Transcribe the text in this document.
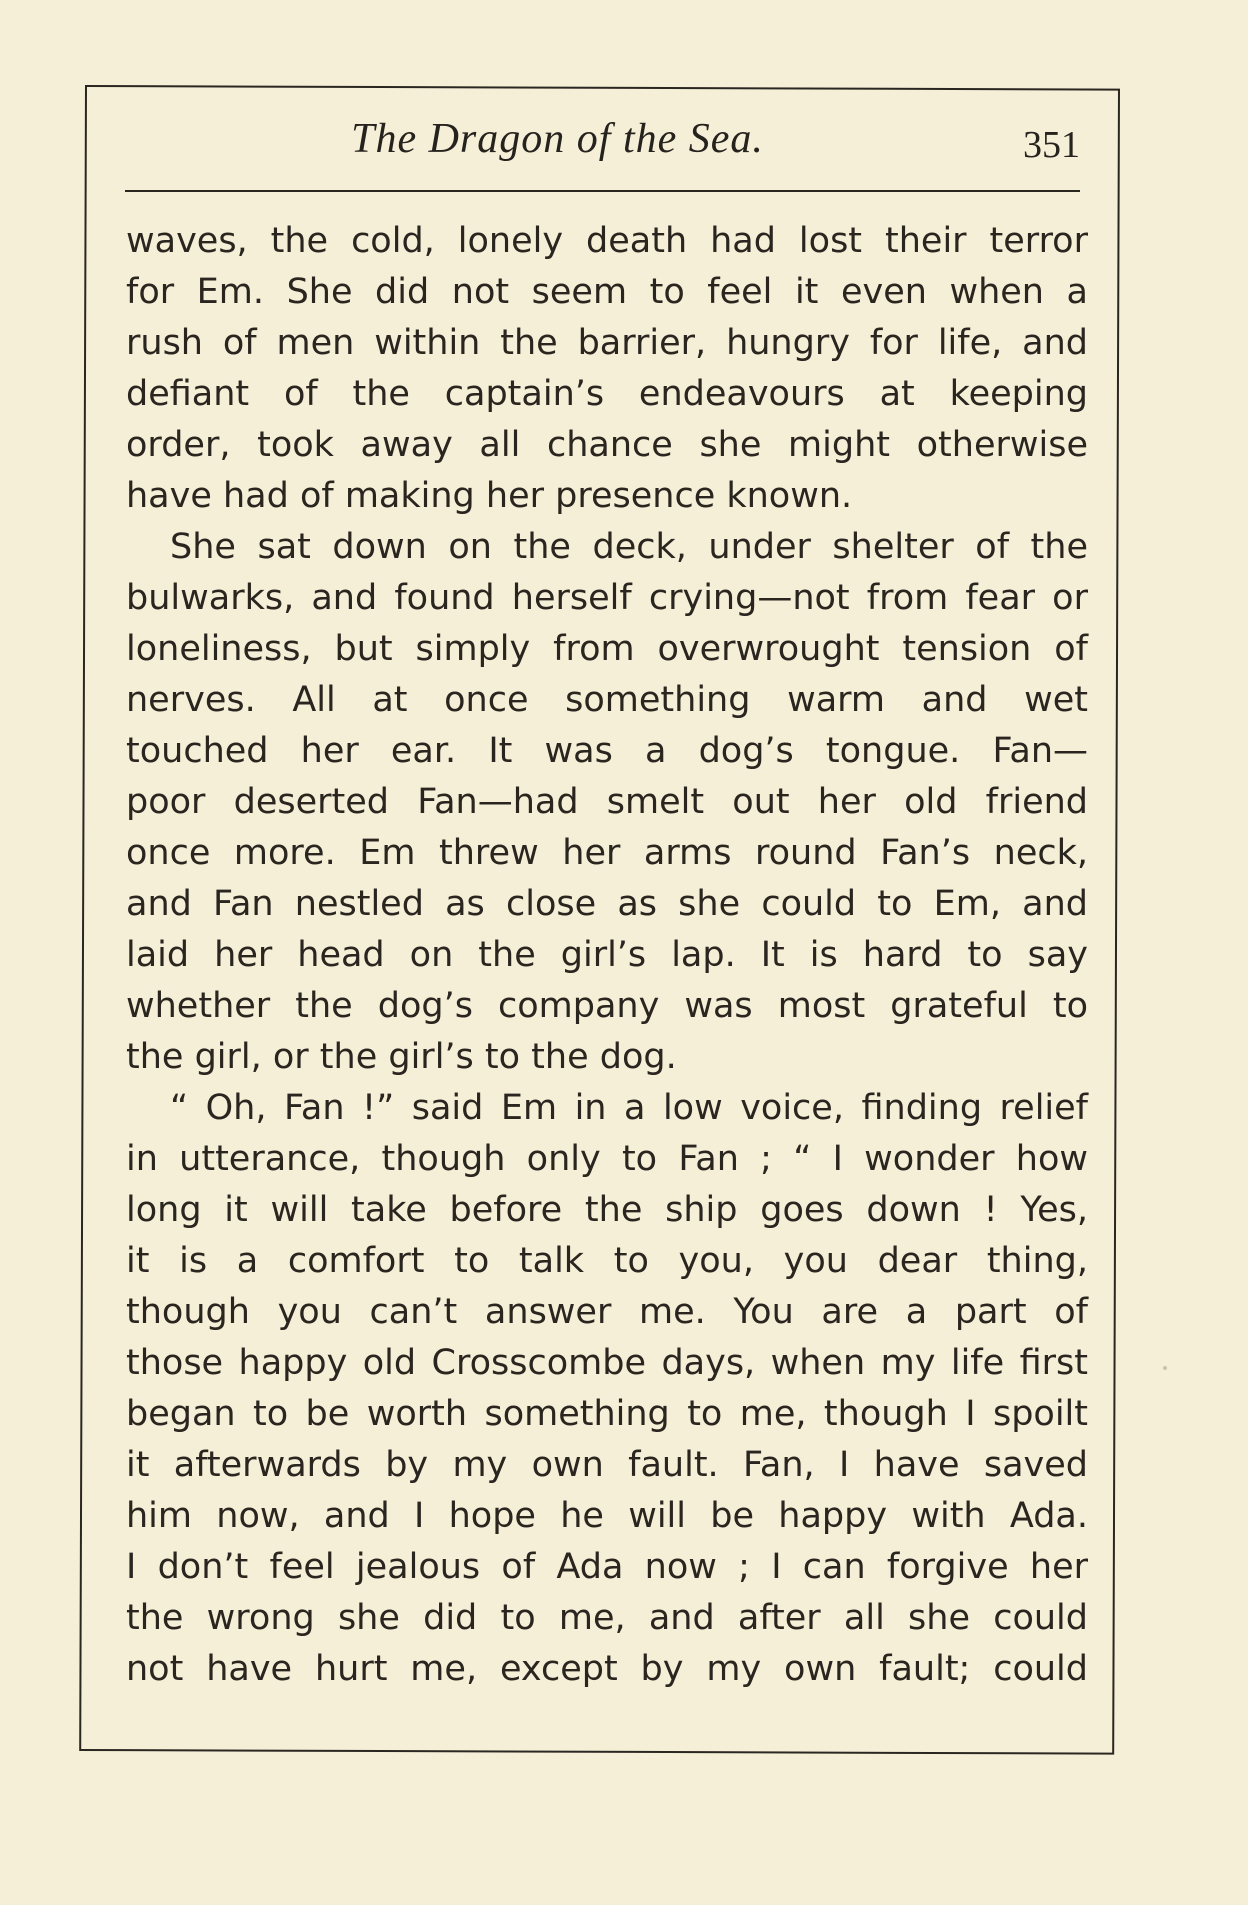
The Dragon of the Sea.	351
waves, the cold, lonely death had lost their terror
for Em. She did not seem to feel it even when a
rush of men within the barrier, hungry for life, and
defiant of the captain’s endeavours at keeping
order, took away all chance she might otherwise
have had of making her presence known.
She sat down on the deck, under shelter of the
bulwarks, and found herself crying—not from fear or
loneliness, but simply from overwrought tension of
nerves. All at once something warm and wet
touched her ear. It was a dog’s tongue. Fan—
poor deserted Fan—had smelt out her old friend
once more. Em threw her arms round Fan’s neck,
and Fan nestled as close as she could to Em, and
laid her head on the girl’s lap. It is hard to say
whether the dog’s company was most grateful to
the girl, or the girl’s to the dog.
“ Oh, Fan !” said Em in a low voice, finding relief
in utterance, though only to Fan ; “ I wonder how
long it will take before the ship goes down ! Yes,
it is a comfort to talk to you, you dear thing,
though you can’t answer me. You are a part of
those happy old Crosscombe days, when my life first
began to be worth something to me, though I spoilt
it afterwards by my own fault. Fan, I have saved
him now, and I hope he will be happy with Ada.
I don’t feel jealous of Ada now ; I can forgive her
the wrong she did to me, and after all she could
not have hurt me, except by my own fault; could
